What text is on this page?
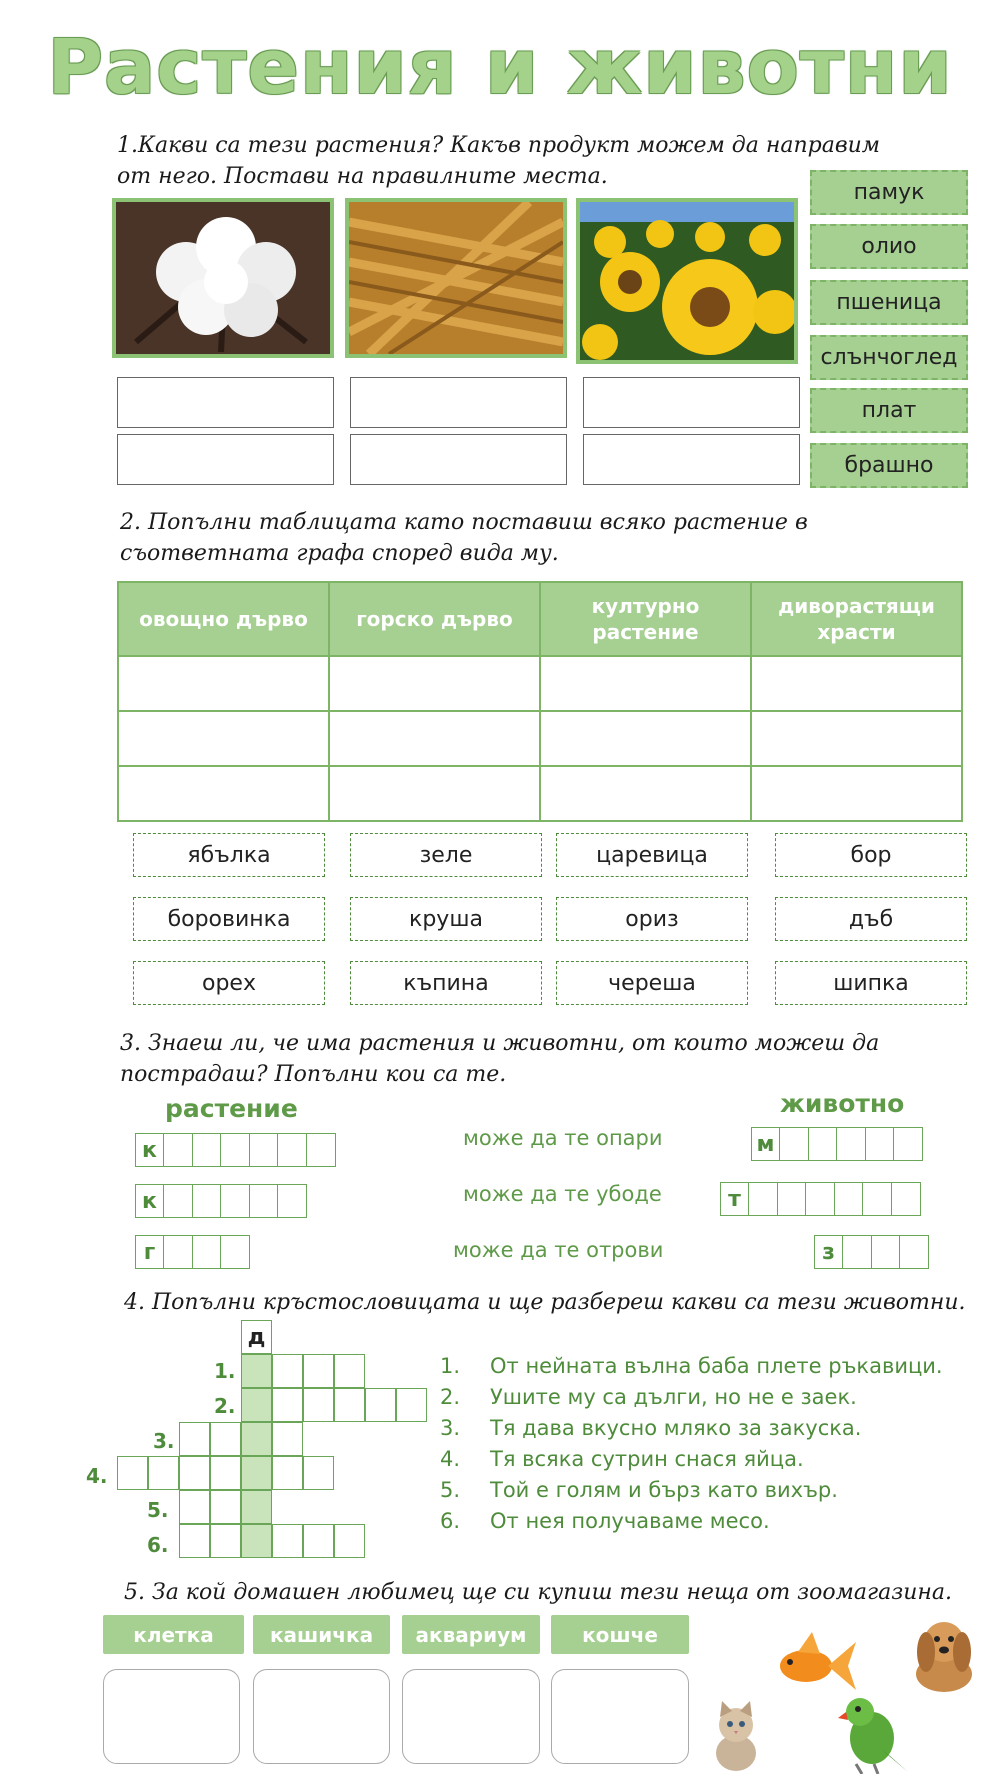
Растения и животни
1.Какви са тези растения? Какъв продукт можем да направим от него. Постави на правилните места.
памук
олио
пшеница
слънчоглед
плат
брашно
2. Попълни таблицата като поставиш всяко растение в съответната графа според вида му.
овощно дърво	горско дърво	културно растение	диворастящи храсти

ябълка	зеле	царевица	бор
боровинка	круша	ориз	дъб
орех	къпина	череша	шипка
3. Знаеш ли, че има растения и животни, от които можеш да пострадаш? Попълни кои са те.
растение	животно
к	може да те опари	м
к	може да те убоде	т
г	може да те отрови	з
4. Попълни кръстословицата и ще разбереш какви са тези животни.
д
1.
2.
3.
4.
5.
6.
1. От нейната вълна баба плете ръкавици.
2. Ушите му са дълги, но не е заек.
3. Тя дава вкусно мляко за закуска.
4. Тя всяка сутрин снася яйца.
5. Той е голям и бърз като вихър.
6. От нея получаваме месо.
5. За кой домашен любимец ще си купиш тези неща от зоомагазина.
клетка	кашичка	аквариум	кошче
